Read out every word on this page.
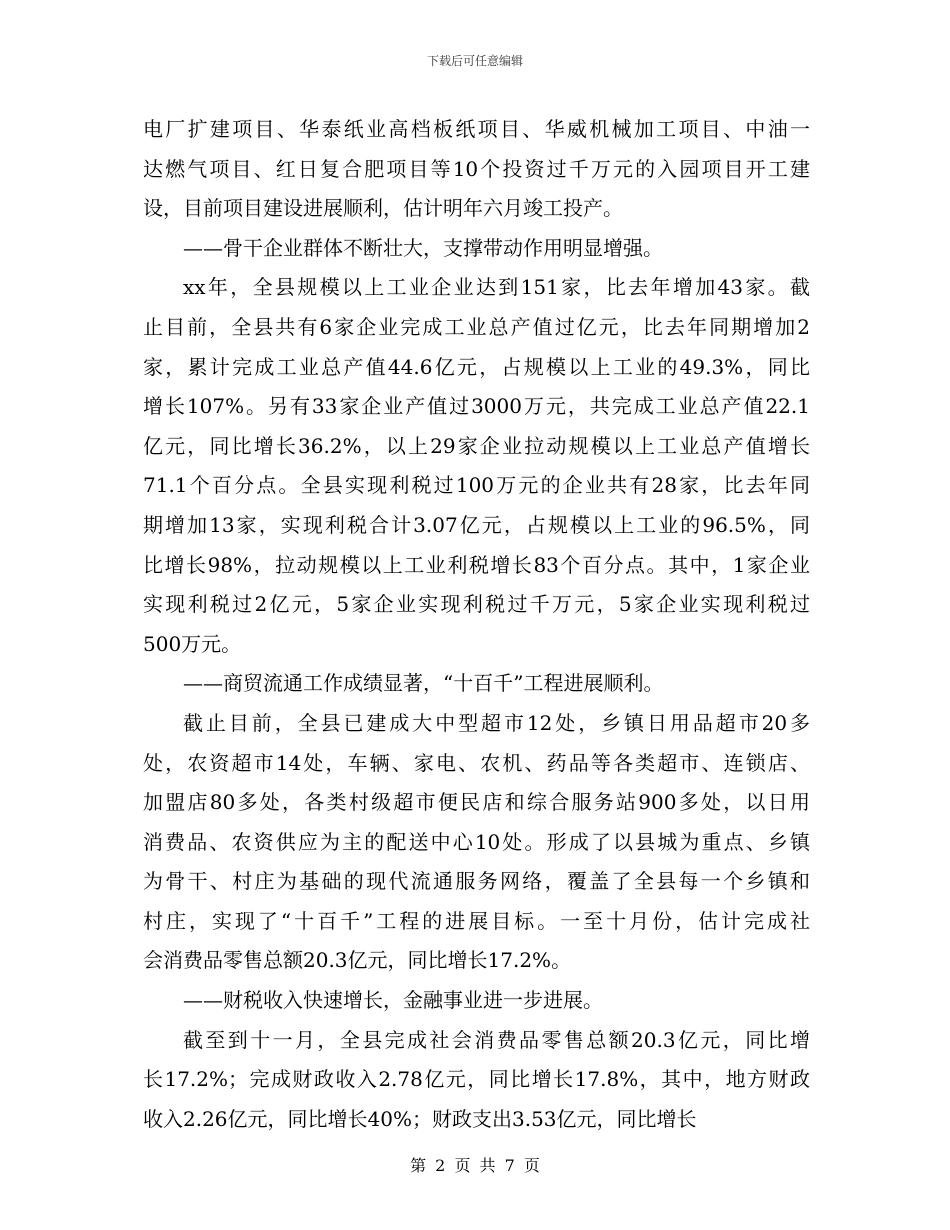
下载后可任意编辑
电厂扩建项目、华泰纸业高档板纸项目、华威机械加工项目、中油一
达燃气项目、红日复合肥项目等10个投资过千万元的入园项目开工建
设，目前项目建设进展顺利，估计明年六月竣工投产。
——骨干企业群体不断壮大，支撑带动作用明显增强。
xx年，全县规模以上工业企业达到151家，比去年增加43家。截
止目前，全县共有6家企业完成工业总产值过亿元，比去年同期增加2
家，累计完成工业总产值44.6亿元，占规模以上工业的49.3%，同比
增长107%。另有33家企业产值过3000万元，共完成工业总产值22.1
亿元，同比增长36.2%，以上29家企业拉动规模以上工业总产值增长
71.1个百分点。全县实现利税过100万元的企业共有28家，比去年同
期增加13家，实现利税合计3.07亿元，占规模以上工业的96.5%，同
比增长98%，拉动规模以上工业利税增长83个百分点。其中，1家企业
实现利税过2亿元，5家企业实现利税过千万元，5家企业实现利税过
500万元。
——商贸流通工作成绩显著，“十百千”工程进展顺利。
截止目前，全县已建成大中型超市12处，乡镇日用品超市20多
处，农资超市14处，车辆、家电、农机、药品等各类超市、连锁店、
加盟店80多处，各类村级超市便民店和综合服务站900多处，以日用
消费品、农资供应为主的配送中心10处。形成了以县城为重点、乡镇
为骨干、村庄为基础的现代流通服务网络，覆盖了全县每一个乡镇和
村庄，实现了“十百千”工程的进展目标。一至十月份，估计完成社
会消费品零售总额20.3亿元，同比增长17.2%。
——财税收入快速增长，金融事业进一步进展。
截至到十一月，全县完成社会消费品零售总额20.3亿元，同比增
长17.2%；完成财政收入2.78亿元，同比增长17.8%，其中，地方财政
收入2.26亿元，同比增长40%；财政支出3.53亿元，同比增长
第 2 页 共 7 页
